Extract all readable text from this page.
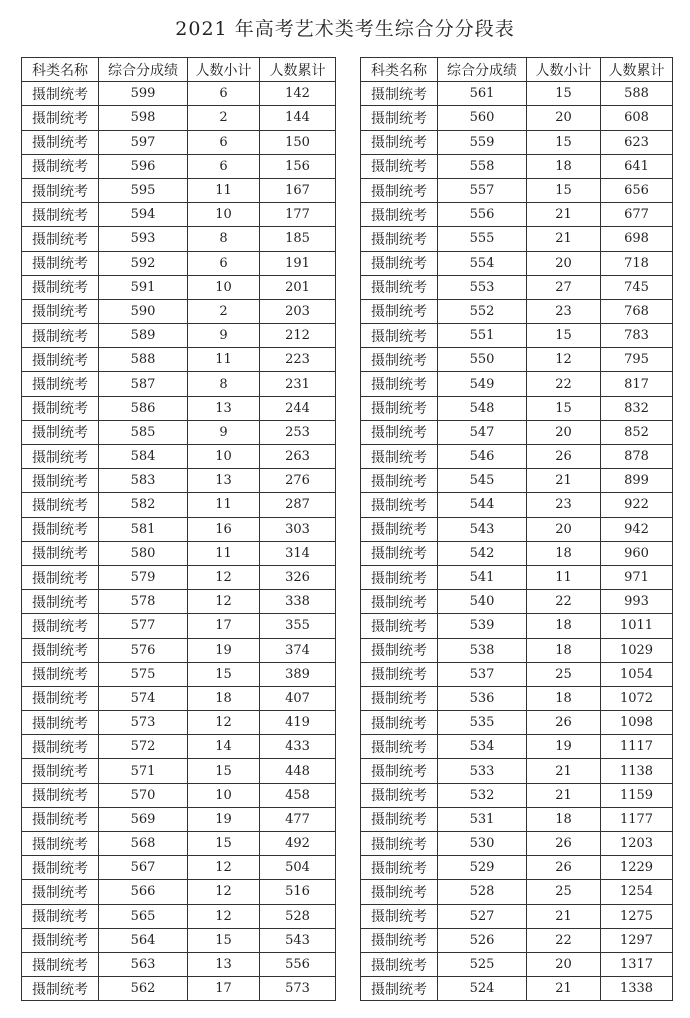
2021 年高考艺术类考生综合分分段表
科类名称	综合分成绩	人数小计	人数累计
摄制统考	599	6	142
摄制统考	598	2	144
摄制统考	597	6	150
摄制统考	596	6	156
摄制统考	595	11	167
摄制统考	594	10	177
摄制统考	593	8	185
摄制统考	592	6	191
摄制统考	591	10	201
摄制统考	590	2	203
摄制统考	589	9	212
摄制统考	588	11	223
摄制统考	587	8	231
摄制统考	586	13	244
摄制统考	585	9	253
摄制统考	584	10	263
摄制统考	583	13	276
摄制统考	582	11	287
摄制统考	581	16	303
摄制统考	580	11	314
摄制统考	579	12	326
摄制统考	578	12	338
摄制统考	577	17	355
摄制统考	576	19	374
摄制统考	575	15	389
摄制统考	574	18	407
摄制统考	573	12	419
摄制统考	572	14	433
摄制统考	571	15	448
摄制统考	570	10	458
摄制统考	569	19	477
摄制统考	568	15	492
摄制统考	567	12	504
摄制统考	566	12	516
摄制统考	565	12	528
摄制统考	564	15	543
摄制统考	563	13	556
摄制统考	562	17	573
科类名称	综合分成绩	人数小计	人数累计
摄制统考	561	15	588
摄制统考	560	20	608
摄制统考	559	15	623
摄制统考	558	18	641
摄制统考	557	15	656
摄制统考	556	21	677
摄制统考	555	21	698
摄制统考	554	20	718
摄制统考	553	27	745
摄制统考	552	23	768
摄制统考	551	15	783
摄制统考	550	12	795
摄制统考	549	22	817
摄制统考	548	15	832
摄制统考	547	20	852
摄制统考	546	26	878
摄制统考	545	21	899
摄制统考	544	23	922
摄制统考	543	20	942
摄制统考	542	18	960
摄制统考	541	11	971
摄制统考	540	22	993
摄制统考	539	18	1011
摄制统考	538	18	1029
摄制统考	537	25	1054
摄制统考	536	18	1072
摄制统考	535	26	1098
摄制统考	534	19	1117
摄制统考	533	21	1138
摄制统考	532	21	1159
摄制统考	531	18	1177
摄制统考	530	26	1203
摄制统考	529	26	1229
摄制统考	528	25	1254
摄制统考	527	21	1275
摄制统考	526	22	1297
摄制统考	525	20	1317
摄制统考	524	21	1338
